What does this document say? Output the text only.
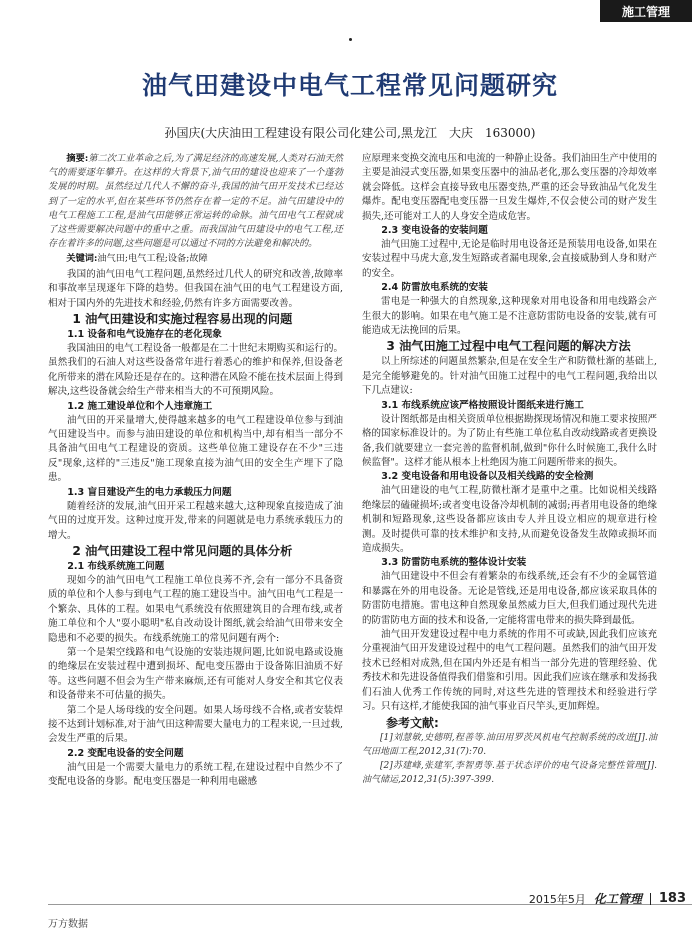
施工管理
油气田建设中电气工程常见问题研究
孙国庆(大庆油田工程建设有限公司化建公司,黑龙江　大庆　163000)

摘要:第二次工业革命之后,为了满足经济的高速发展,人类对石油天然气的需要逐年攀升。在这样的大背景下,油气田的建设也迎来了一个蓬勃发展的时期。虽然经过几代人不懈的奋斗,我国的油气田开发技术已经达到了一定的水平,但在某些环节仍然存在着一定的不足。油气田建设中的电气工程施工工程,是油气田能够正常运转的命脉。油气田电气工程就成了这些需要解决问题中的重中之重。而我国油气田建设中的电气工程,还存在着许多的问题,这些问题是可以通过不同的方法避免和解决的。

关键词:油气田;电气工程;设备;故障

我国的油气田电气工程问题,虽然经过几代人的研究和改善,故障率和事故率呈现逐年下降的趋势。但我国在油气田的电气工程建设方面,相对于国内外的先进技术和经验,仍然有许多方面需要改善。

1 油气田建设和实施过程容易出现的问题

1.1 设备和电气设施存在的老化现象

我国油田的电气工程设备一般都是在二十世纪末期购买和运行的。虽然我们的石油人对这些设备常年进行着悉心的维护和保养,但设备老化所带来的潜在风险还是存在的。这种潜在风险不能在技术层面上得到解决,这些设备就会给生产带来相当大的不可预期风险。

1.2 施工建设单位和个人违章施工

油气田的开采量增大,使得越来越多的电气工程建设单位参与到油气田建设当中。而参与油田建设的单位和机构当中,却有相当一部分不具备油气田电气工程建设的资质。这些单位施工建设存在不少"三违反"现象,这样的"三违反"施工现象直接为油气田的安全生产埋下了隐患。

1.3 盲目建设产生的电力承载压力问题

随着经济的发展,油气田开采工程越来越大,这种现象直接造成了油气田的过度开发。这种过度开发,带来的问题就是电力系统承载压力的增大。

2 油气田建设工程中常见问题的具体分析

2.1 布线系统施工问题

现如今的油气田电气工程施工单位良莠不齐,会有一部分不具备资质的单位和个人参与到电气工程的施工建设当中。油气田电气工程是一个繁杂、具体的工程。如果电气系统没有依照建筑目的合理布线,或者施工单位和个人"耍小聪明"私自改动设计图纸,就会给油气田带来安全隐患和不必要的损失。布线系统施工的常见问题有两个:

第一个是架空线路和电气设施的安装违规问题,比如说电路或设施的绝缘层在安装过程中遭到损坏、配电变压器由于设备陈旧油质不好等。这些问题不但会为生产带来麻烦,还有可能对人身安全和其它仪表和设备带来不可估量的损失。

第二个是人场母线的安全问题。如果人场母线不合格,或者安装焊接不达到计划标准,对于油气田这种需要大量电力的工程来说,一旦过载,会发生严重的后果。

2.2 变配电设备的安全问题

油气田是一个需要大量电力的系统工程,在建设过程中自然少不了变配电设备的身影。配电变压器是一种利用电磁感

应原理来变换交流电压和电流的一种静止设备。我们油田生产中使用的主要是油浸式变压器,如果变压器中的油品老化,那么变压器的冷却效率就会降低。这样会直接导致电压器变热,严重的还会导致油品气化发生爆炸。配电变压器配电变压器一旦发生爆炸,不仅会使公司的财产发生损失,还可能对工人的人身安全造成危害。

2.3 变电设备的安装问题

油气田施工过程中,无论是临时用电设备还是预装用电设备,如果在安装过程中马虎大意,发生短路或者漏电现象,会直接威胁到人身和财产的安全。

2.4 防雷放电系统的安装

雷电是一种强大的自然现象,这种现象对用电设备和用电线路会产生很大的影响。如果在电气施工是不注意防雷防电设备的安装,就有可能造成无法挽回的后果。

3 油气田施工过程中电气工程问题的解决方法

以上所综述的问题虽然繁杂,但是在安全生产和防微杜渐的基础上,是完全能够避免的。针对油气田施工过程中的电气工程问题,我给出以下几点建议:

3.1 布线系统应该严格按照设计图纸来进行施工

设计图纸都是由相关资质单位根据勘探现场情况和施工要求按照严格的国家标准设计的。为了防止有些施工单位私自改动线路或者更换设备,我们就要建立一套完善的监督机制,做到"你什么时候施工,我什么时候监督"。这样才能从根本上杜绝因为施工问题所带来的损失。

3.2 变电设备和用电设备以及相关线路的安全检测

油气田建设的电气工程,防微杜渐才是重中之重。比如说相关线路绝缘层的磕碰损坏;或者变电设备冷却机制的减弱;再者用电设备的绝缘机制和短路现象,这些设备都应该由专人并且设立相应的规章进行检测。及时提供可靠的技术维护和支持,从而避免设备发生故障或损坏而造成损失。

3.3 防雷防电系统的整体设计安装

油气田建设中不但会有着繁杂的布线系统,还会有不少的金属管道和暴露在外的用电设备。无论是管线,还是用电设备,都应该采取具体的防雷防电措施。雷电这种自然现象虽然威力巨大,但我们通过现代先进的防雷防电方面的技术和设备,一定能将雷电带来的损失降到最低。

油气田开发建设过程中电力系统的作用不可或缺,因此我们应该充分重视油气田开发建设过程中的电气工程问题。虽然我们的油气田开发技术已经相对成熟,但在国内外还是有相当一部分先进的管理经验、优秀技术和先进设备值得我们借鉴和引用。因此我们应该在继承和发扬我们石油人优秀工作传统的同时,对这些先进的管理技术和经验进行学习。只有这样,才能使我国的油气事业百尺竿头,更加辉煌。

参考文献:

[1]刘慧敏,史德明,程善等.油田用罗茨风机电气控制系统的改进[J].油气田地面工程,2012,31(7):70.

[2]苏建峰,张建军,李智勇等.基于状态评价的电气设备完整性管理[J].油气储运,2012,31(5):397-399.

万方数据
2015年5月 化工管理 183
